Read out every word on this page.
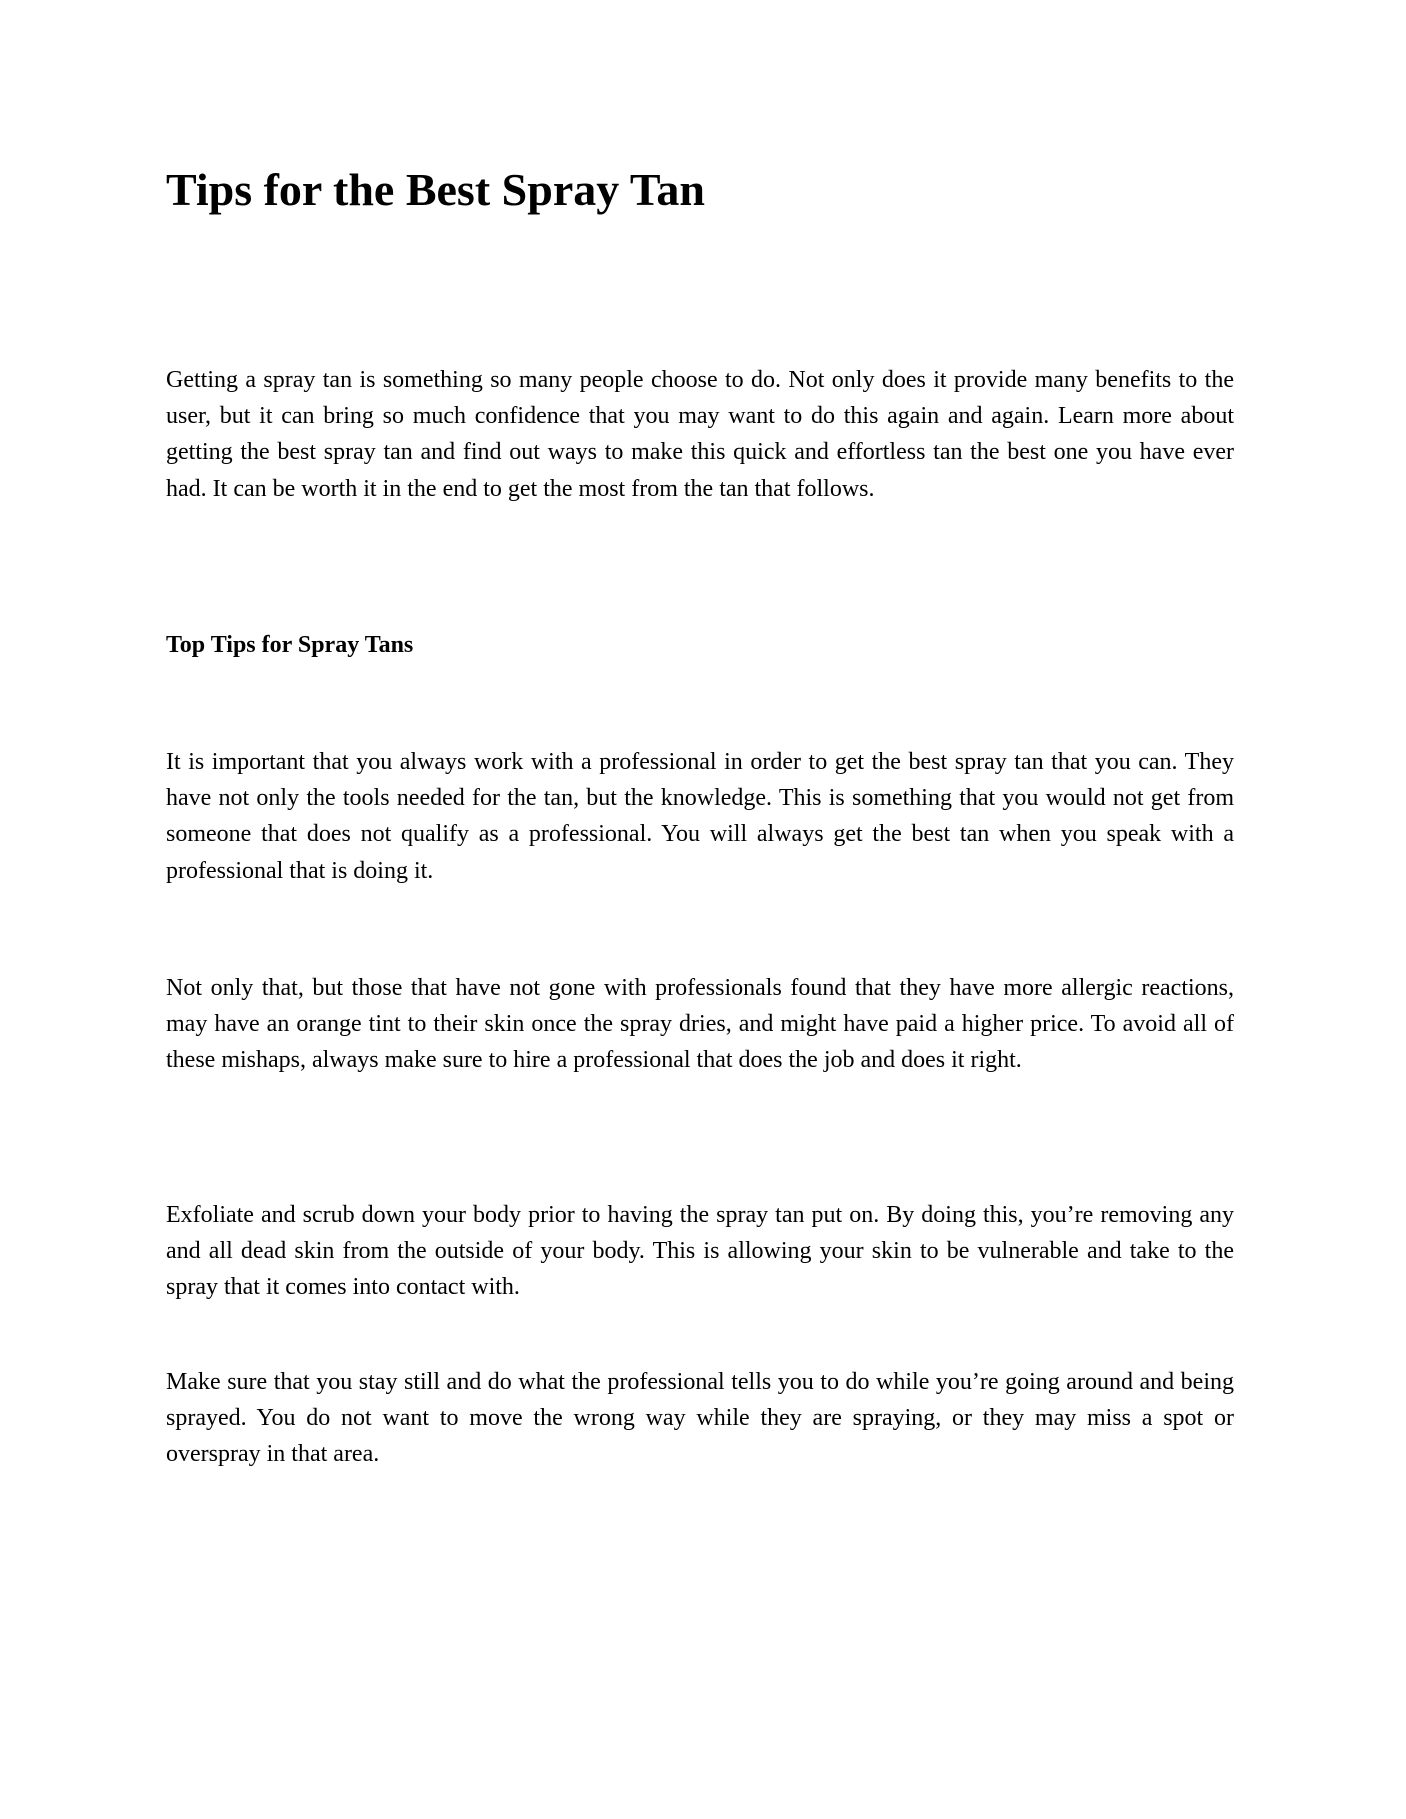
Tips for the Best Spray Tan

Getting a spray tan is something so many people choose to do. Not only does it provide many benefits to the user, but it can bring so much confidence that you may want to do this again and again. Learn more about getting the best spray tan and find out ways to make this quick and effortless tan the best one you have ever had. It can be worth it in the end to get the most from the tan that follows.

Top Tips for Spray Tans

It is important that you always work with a professional in order to get the best spray tan that you can. They have not only the tools needed for the tan, but the knowledge. This is something that you would not get from someone that does not qualify as a professional. You will always get the best tan when you speak with a professional that is doing it.

Not only that, but those that have not gone with professionals found that they have more allergic reactions, may have an orange tint to their skin once the spray dries, and might have paid a higher price. To avoid all of these mishaps, always make sure to hire a professional that does the job and does it right.

Exfoliate and scrub down your body prior to having the spray tan put on. By doing this, you’re removing any and all dead skin from the outside of your body. This is allowing your skin to be vulnerable and take to the spray that it comes into contact with.

Make sure that you stay still and do what the professional tells you to do while you’re going around and being sprayed. You do not want to move the wrong way while they are spraying, or they may miss a spot or overspray in that area.
